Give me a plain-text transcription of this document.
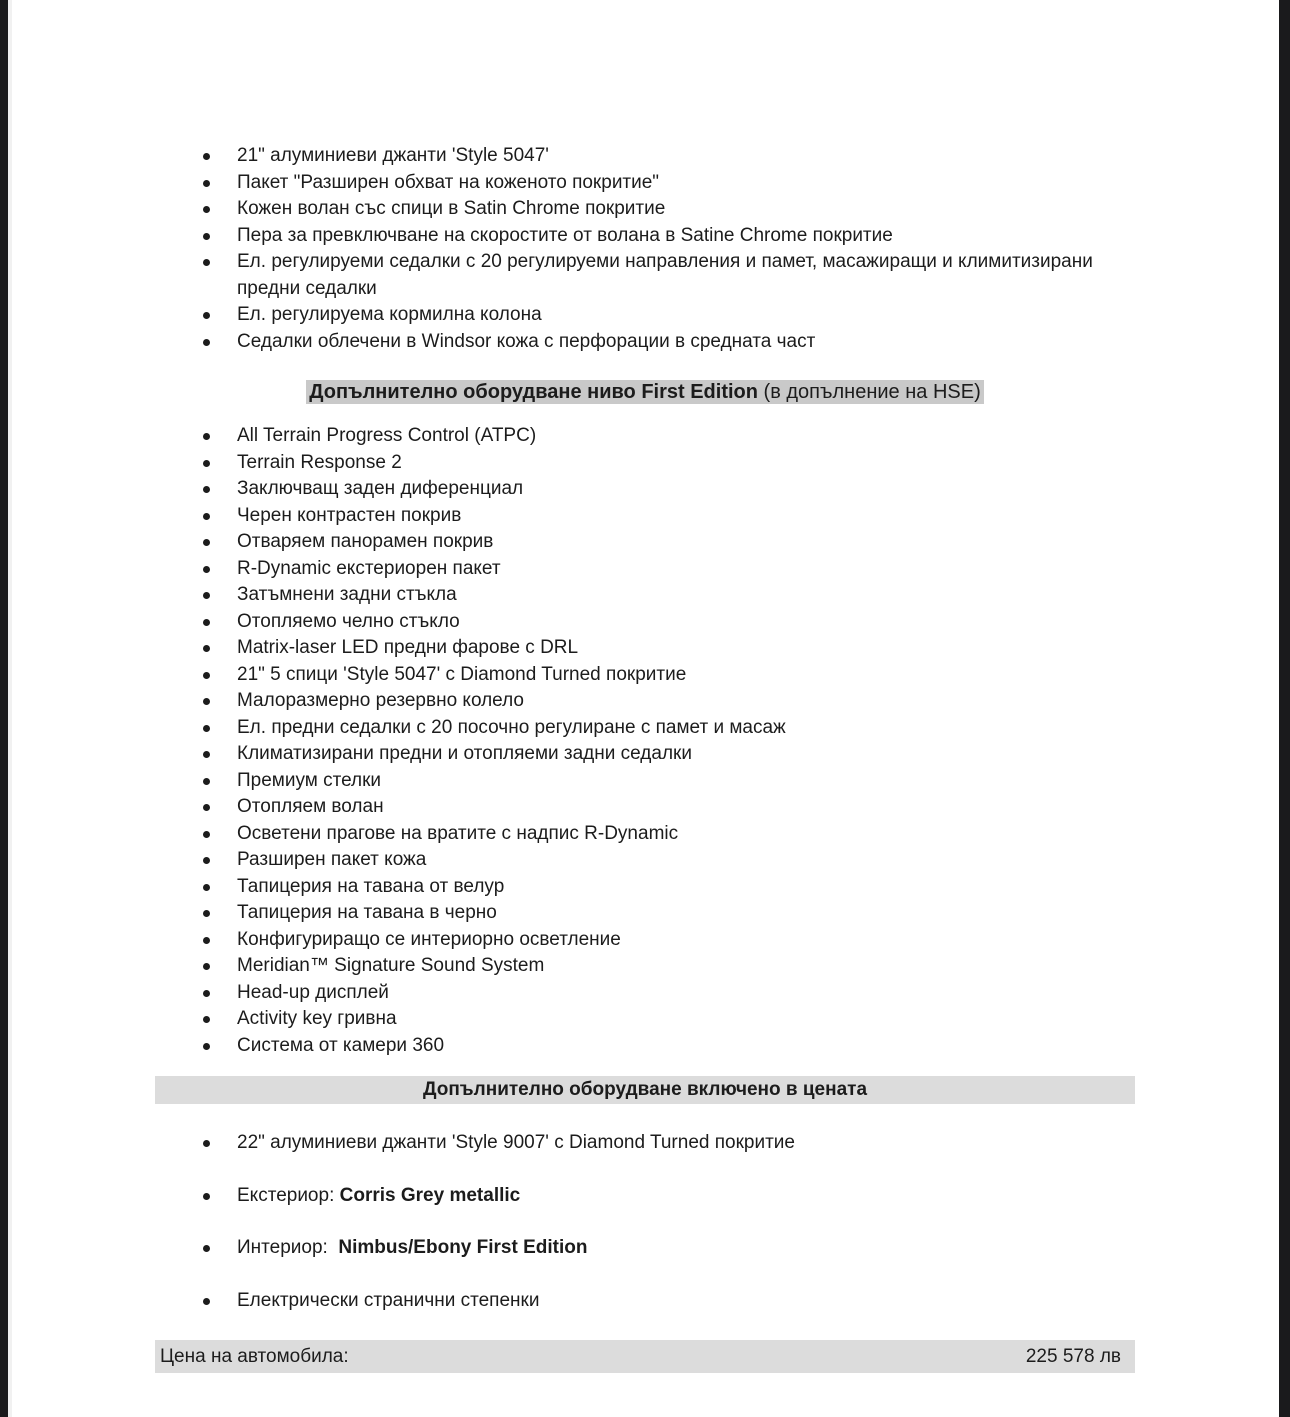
21" алуминиеви джанти 'Style 5047'
Пакет "Разширен обхват на коженото покритие"
Кожен волан със спици в Satin Chrome покритие
Пера за превключване на скоростите от волана в Satine Chrome покритие
Ел. регулируеми седалки с 20 регулируеми направления и памет, масажиращи и климитизирани предни седалки
Ел. регулируема кормилна колона
Седалки облечени в Windsor кожа с перфорации в средната част
Допълнително оборудване ниво First Edition (в допълнение на HSE)
All Terrain Progress Control (ATPC)
Terrain Response 2
Заключващ заден диференциал
Черен контрастен покрив
Отваряем панорамен покрив
R-Dynamic екстериорен пакет
Затъмнени задни стъкла
Отопляемо челно стъкло
Matrix-laser LED предни фарове с DRL
21" 5 спици 'Style 5047' с Diamond Turned покритие
Малоразмерно резервно колело
Ел. предни седалки с 20 посочно регулиране с памет и масаж
Климатизирани предни и отопляеми задни седалки
Премиум стелки
Отопляем волан
Осветени прагове на вратите с надпис R-Dynamic
Разширен пакет кожа
Тапицерия на тавана от велур
Тапицерия на тавана в черно
Конфигуриращо се интериорно осветление
Meridian™ Signature Sound System
Head-up дисплей
Activity key гривна
Система от камери 360
Допълнително оборудване включено в цената
22" алуминиеви джанти 'Style 9007' с Diamond Turned покритие
Екстериор: Corris Grey metallic
Интериор:  Nimbus/Ebony First Edition
Електрически странични степенки
Цена на автомобила:	225 578 лв
